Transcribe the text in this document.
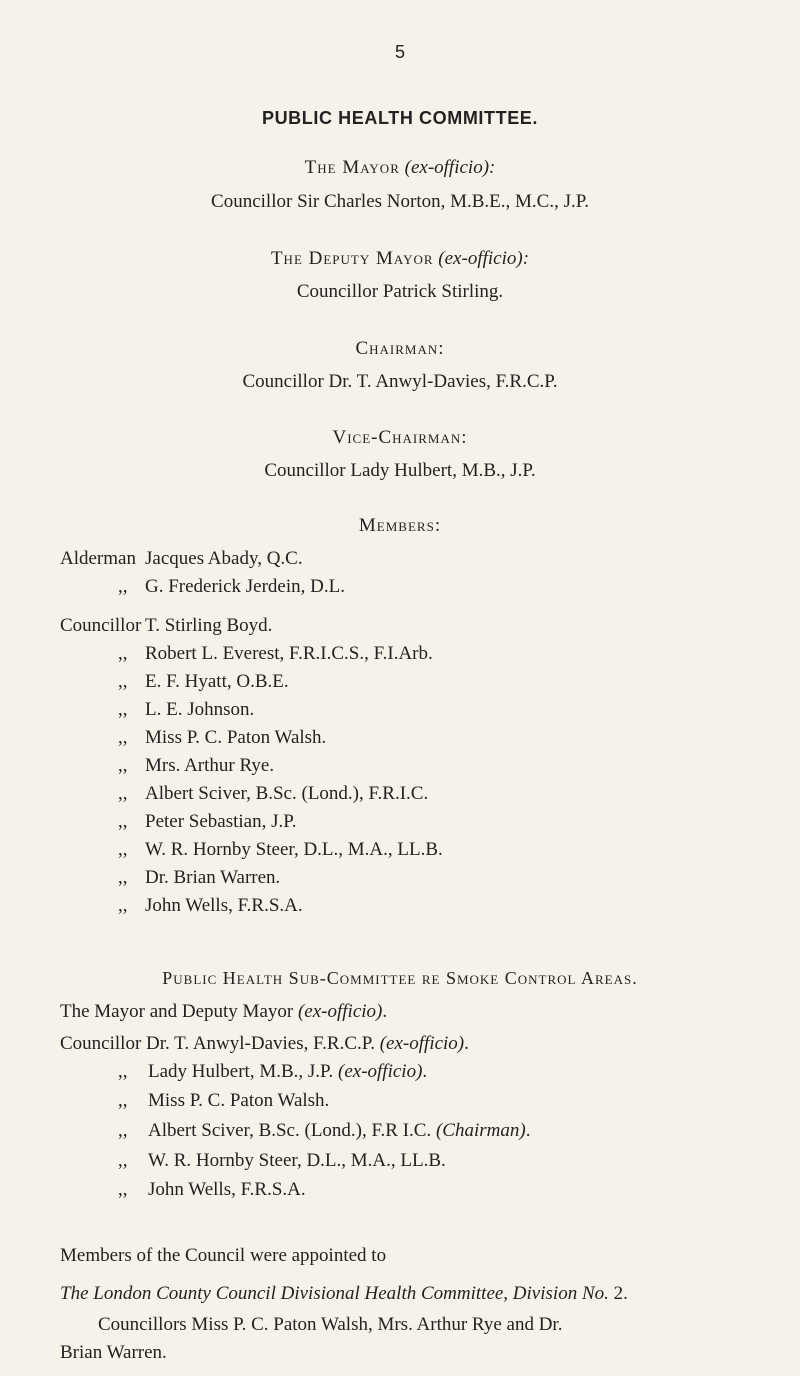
5
PUBLIC HEALTH COMMITTEE.
The Mayor (ex-officio):
Councillor Sir Charles Norton, M.B.E., M.C., J.P.
The Deputy Mayor (ex-officio):
Councillor Patrick Stirling.
Chairman:
Councillor Dr. T. Anwyl-Davies, F.R.C.P.
Vice-Chairman:
Councillor Lady Hulbert, M.B., J.P.
Members:
Alderman Jacques Abady, Q.C.
,, G. Frederick Jerdein, D.L.
Councillor T. Stirling Boyd.
,, Robert L. Everest, F.R.I.C.S., F.I.Arb.
,, E. F. Hyatt, O.B.E.
,, L. E. Johnson.
,, Miss P. C. Paton Walsh.
,, Mrs. Arthur Rye.
,, Albert Sciver, B.Sc. (Lond.), F.R.I.C.
,, Peter Sebastian, J.P.
,, W. R. Hornby Steer, D.L., M.A., LL.B.
,, Dr. Brian Warren.
,, John Wells, F.R.S.A.
Public Health Sub-Committee re Smoke Control Areas.
The Mayor and Deputy Mayor (ex-officio).
Councillor Dr. T. Anwyl-Davies, F.R.C.P. (ex-officio).
,, Lady Hulbert, M.B., J.P. (ex-officio).
,, Miss P. C. Paton Walsh.
,, Albert Sciver, B.Sc. (Lond.), F.R I.C. (Chairman).
,, W. R. Hornby Steer, D.L., M.A., LL.B.
,, John Wells, F.R.S.A.
Members of the Council were appointed to
The London County Council Divisional Health Committee, Division No. 2.
Councillors Miss P. C. Paton Walsh, Mrs. Arthur Rye and Dr.
Brian Warren.
